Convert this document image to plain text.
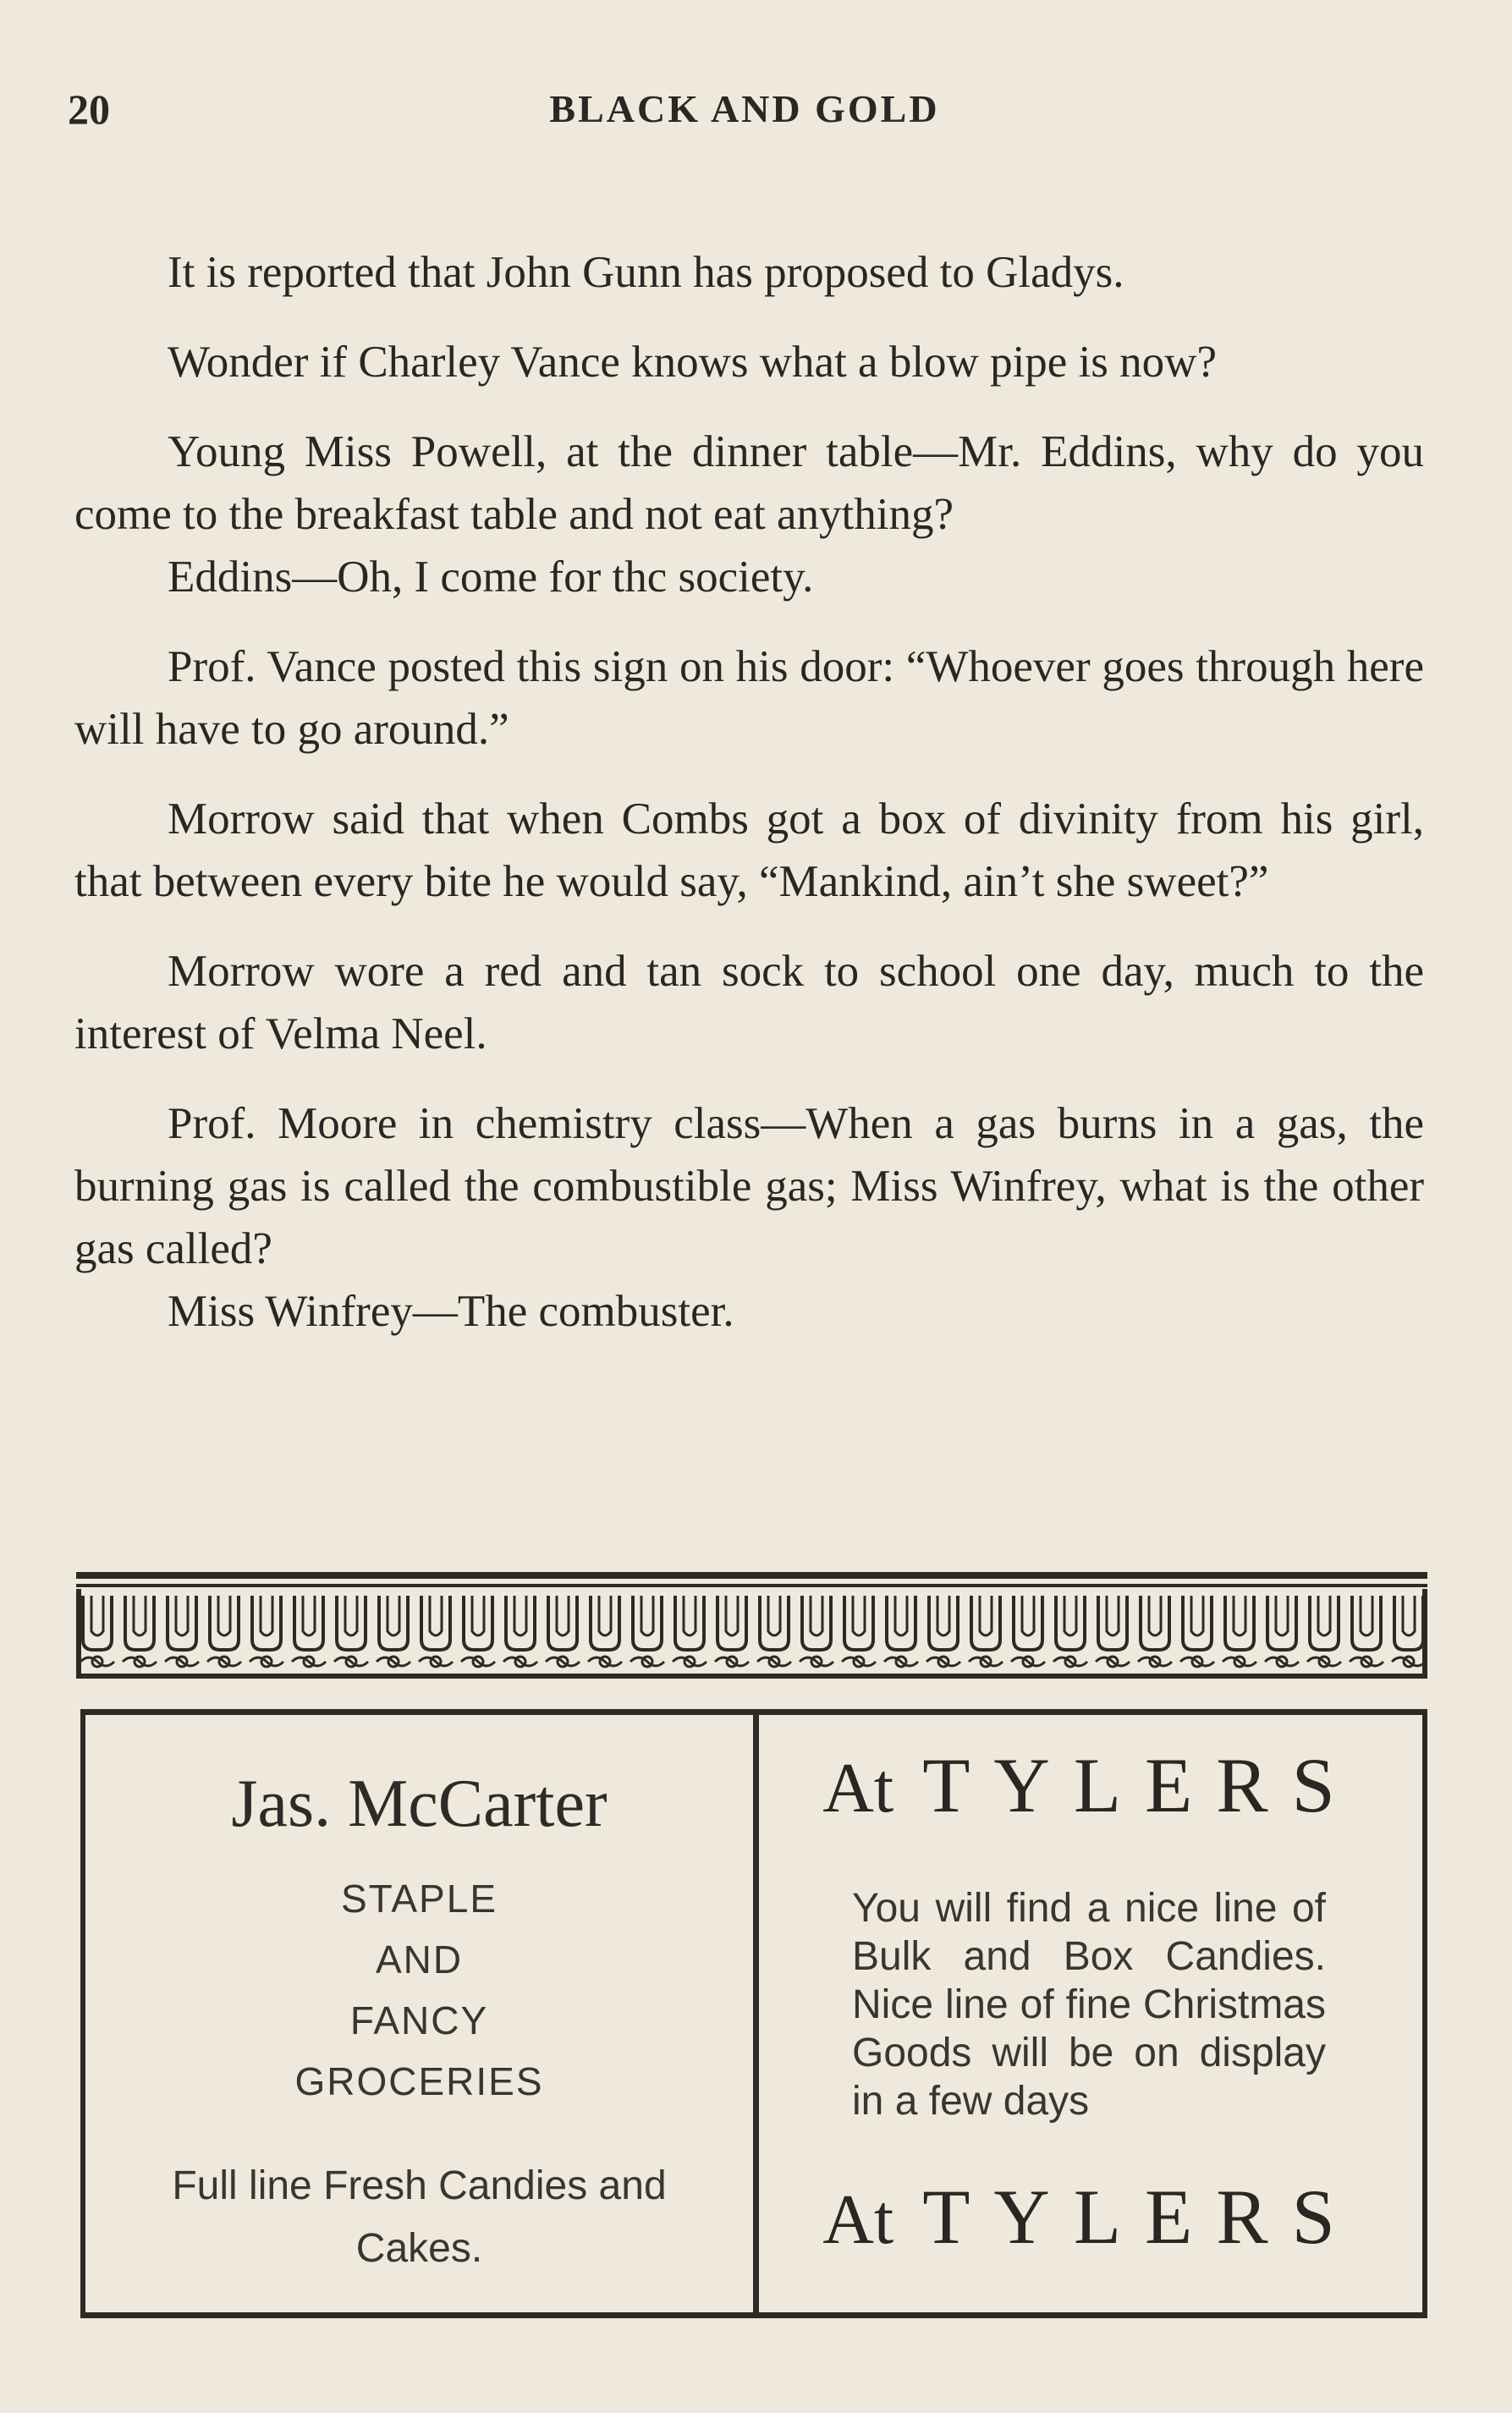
20	BLACK AND GOLD

It is reported that John Gunn has proposed to Gladys.

Wonder if Charley Vance knows what a blow pipe is now?

Young Miss Powell, at the dinner table—Mr. Eddins, why do you come to the breakfast table and not eat anything?

Eddins—Oh, I come for thc society.

Prof. Vance posted this sign on his door: “Whoever goes through here will have to go around.”

Morrow said that when Combs got a box of divinity from his girl, that between every bite he would say, “Mankind, ain’t she sweet?”

Morrow wore a red and tan sock to school one day, much to the interest of Velma Neel.

Prof. Moore in chemistry class—When a gas burns in a gas, the burning gas is called the combustible gas; Miss Winfrey, what is the other gas called?

Miss Winfrey—The combuster.

Jas. McCarter
STAPLE
AND
FANCY
GROCERIES
Full line Fresh Candies and Cakes.
At TYLERS
You will find a nice line of Bulk and Box Candies. Nice line of fine Christmas Goods will be on display in a few days
At TYLERS
